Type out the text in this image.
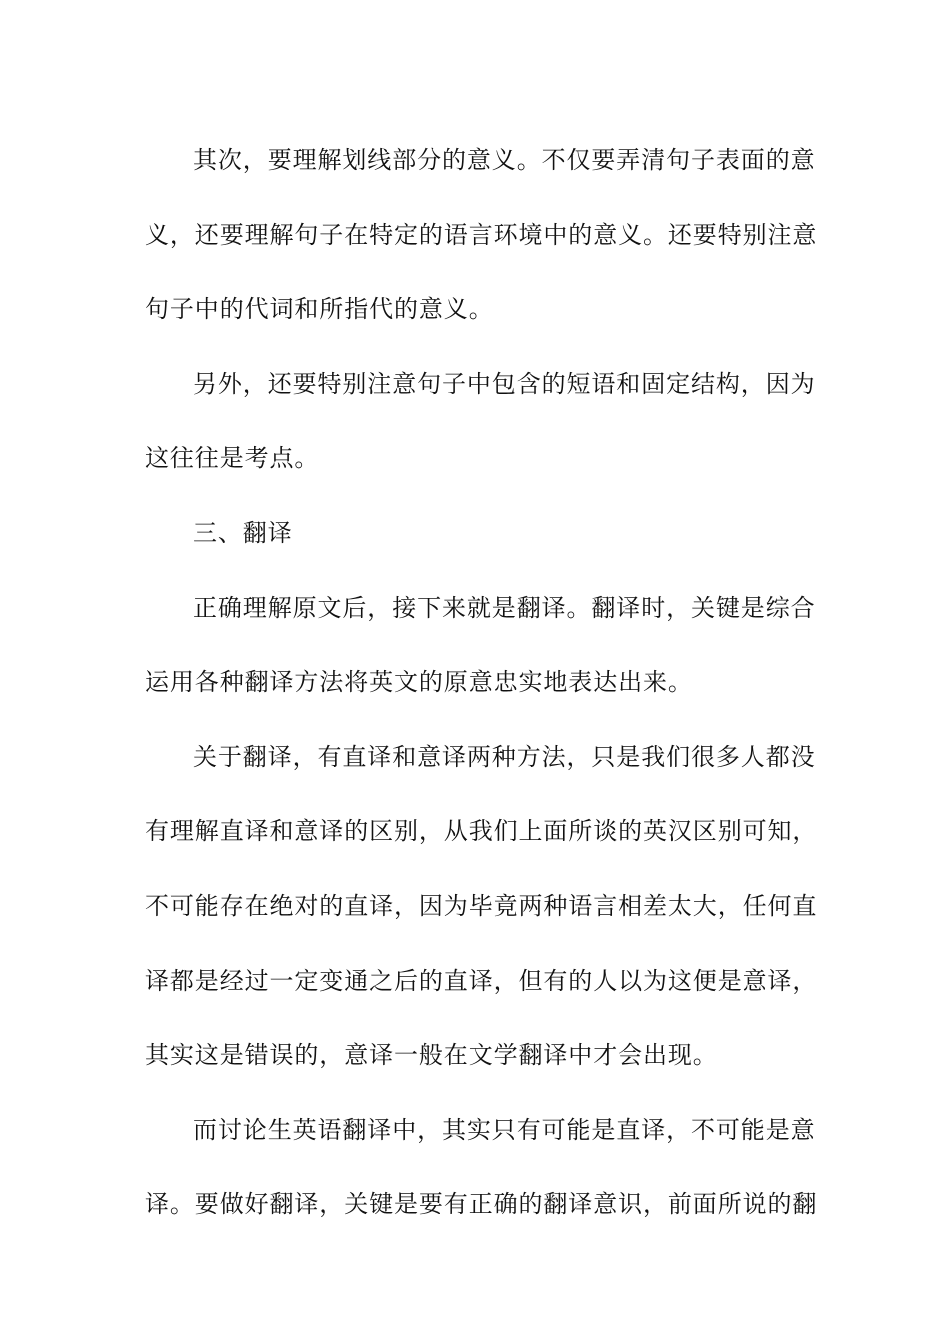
其次，要理解划线部分的意义。不仅要弄清句子表面的意
义，还要理解句子在特定的语言环境中的意义。还要特别注意
句子中的代词和所指代的意义。

另外，还要特别注意句子中包含的短语和固定结构，因为
这往往是考点。

三、翻译

正确理解原文后，接下来就是翻译。翻译时，关键是综合
运用各种翻译方法将英文的原意忠实地表达出来。

关于翻译，有直译和意译两种方法，只是我们很多人都没
有理解直译和意译的区别，从我们上面所谈的英汉区别可知，
不可能存在绝对的直译，因为毕竟两种语言相差太大，任何直
译都是经过一定变通之后的直译，但有的人以为这便是意译，
其实这是错误的，意译一般在文学翻译中才会出现。

而讨论生英语翻译中，其实只有可能是直译，不可能是意
译。要做好翻译，关键是要有正确的翻译意识，前面所说的翻
